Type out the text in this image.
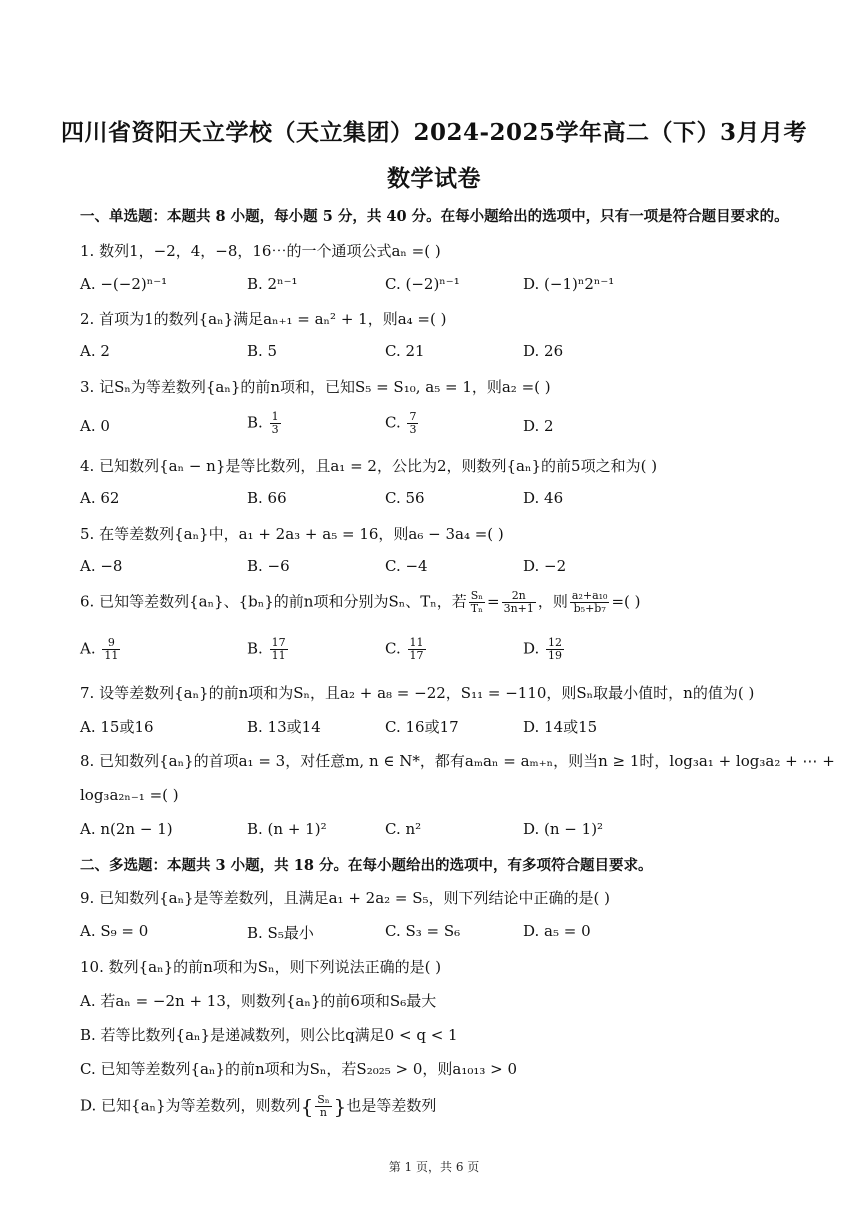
四川省资阳天立学校（天立集团）2024-2025学年高二（下）3月月考
数学试卷
一、单选题：本题共 8 小题，每小题 5 分，共 40 分。在每小题给出的选项中，只有一项是符合题目要求的。
1. 数列1，−2，4，−8，16⋯的一个通项公式aₙ =( )
A. −(−2)ⁿ⁻¹	B. 2ⁿ⁻¹	C. (−2)ⁿ⁻¹	D. (−1)ⁿ2ⁿ⁻¹
2. 首项为1的数列{aₙ}满足aₙ₊₁ = aₙ² + 1，则a₄ =( )
A. 2	B. 5	C. 21	D. 26
3. 记Sₙ为等差数列{aₙ}的前n项和，已知S₅ = S₁₀, a₅ = 1，则a₂ =( )
A. 0	B. $\frac{1}{3}$	C. $\frac{7}{3}$	D. 2
4. 已知数列{aₙ − n}是等比数列，且a₁ = 2，公比为2，则数列{aₙ}的前5项之和为( )
A. 62	B. 66	C. 56	D. 46
5. 在等差数列{aₙ}中，a₁ + 2a₃ + a₅ = 16，则a₆ − 3a₄ =( )
A. −8	B. −6	C. −4	D. −2
6. 已知等差数列{aₙ}、{bₙ}的前n项和分别为Sₙ、Tₙ，若 $\frac{\text{Sₙ}}{\text{Tₙ}} = \frac{2n}{3n+1}$ ，则 $\frac{\text{a₂+a₁₀}}{\text{b₅+b₇}}$ =( )
A. $\frac{9}{11}$	B. $\frac{17}{11}$	C. $\frac{11}{17}$	D. $\frac{12}{19}$
7. 设等差数列{aₙ}的前n项和为Sₙ，且a₂ + a₈ = −22，S₁₁ = −110，则Sₙ取最小值时，n的值为( )
A. 15或16	B. 13或14	C. 16或17	D. 14或15
8. 已知数列{aₙ}的首项a₁ = 3，对任意m, n ∈ N*，都有aₘaₙ = aₘ₊ₙ，则当n ≥ 1时，log₃a₁ + log₃a₂ + ⋯ +
log₃a₂ₙ₋₁ =( )
A. n(2n − 1)	B. (n + 1)²	C. n²	D. (n − 1)²
二、多选题：本题共 3 小题，共 18 分。在每小题给出的选项中，有多项符合题目要求。
9. 已知数列{aₙ}是等差数列，且满足a₁ + 2a₂ = S₅，则下列结论中正确的是( )
A. S₉ = 0	B. S₅最小	C. S₃ = S₆	D. a₅ = 0
10. 数列{aₙ}的前n项和为Sₙ，则下列说法正确的是( )
A. 若aₙ = −2n + 13，则数列{aₙ}的前6项和S₆最大
B. 若等比数列{aₙ}是递减数列，则公比q满足0 < q < 1
C. 已知等差数列{aₙ}的前n项和为Sₙ，若S₂₀₂₅ > 0，则a₁₀₁₃ > 0
D. 已知{aₙ}为等差数列，则数列{ $\frac{\text{Sₙ}}{n}$ }也是等差数列
第 1 页，共 6 页
